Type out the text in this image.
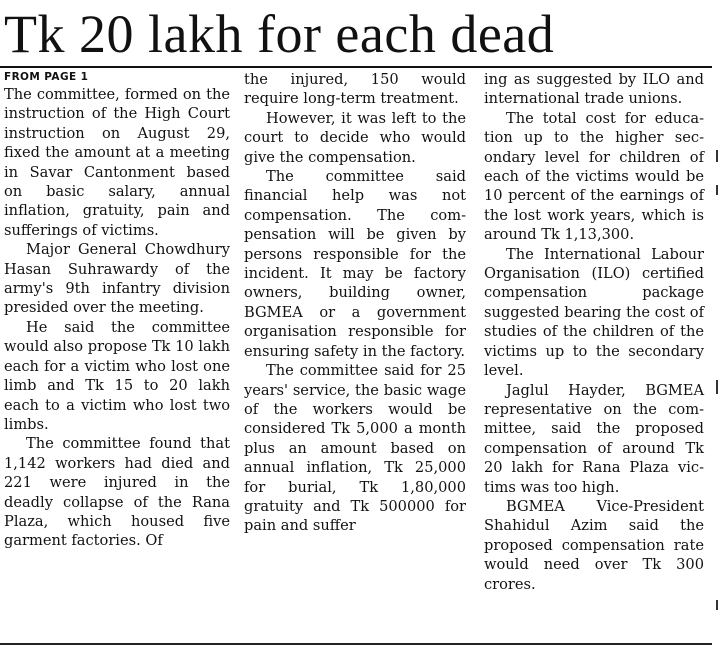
Tk 20 lakh for each dead
FROM PAGE 1

The committee, formed on the instruction of the High Court instruction on August 29, fixed the amount at a meeting in Savar Cantonment based on basic salary, annual inflation, gratuity, pain and sufferings of victims.

Major General Chowdhury Hasan Suhrawardy of the army's 9th infantry division presided over the meeting.

He said the committee would also propose Tk 10 lakh each for a victim who lost one limb and Tk 15 to 20 lakh each to a victim who lost two limbs.

The committee found that 1,142 workers had died and 221 were injured in the deadly collapse of the Rana Plaza, which housed five garment factories. Of

the injured, 150 would require long-term treatment.

However, it was left to the court to decide who would give the compensation.

The committee said financial help was not compensation. The compensation will be given by persons responsible for the incident. It may be factory owners, building owner, BGMEA or a government organisation responsible for ensuring safety in the factory.

The committee said for 25 years' service, the basic wage of the workers would be considered Tk 5,000 a month plus an amount based on annual inflation, Tk 25,000 for burial, Tk 1,80,000 gratuity and Tk 500000 for pain and suffer

ing as suggested by ILO and international trade unions.

The total cost for education up to the higher secondary level for children of each of the victims would be 10 percent of the earnings of the lost work years, which is around Tk 1,13,300.

The International Labour Organisation (ILO) certified compensation package suggested bearing the cost of studies of the children of the victims up to the secondary level.

Jaglul Hayder, BGMEA representative on the committee, said the proposed compensation of around Tk 20 lakh for Rana Plaza victims was too high.

BGMEA Vice-President Shahidul Azim said the proposed compensation rate would need over Tk 300 crores.
